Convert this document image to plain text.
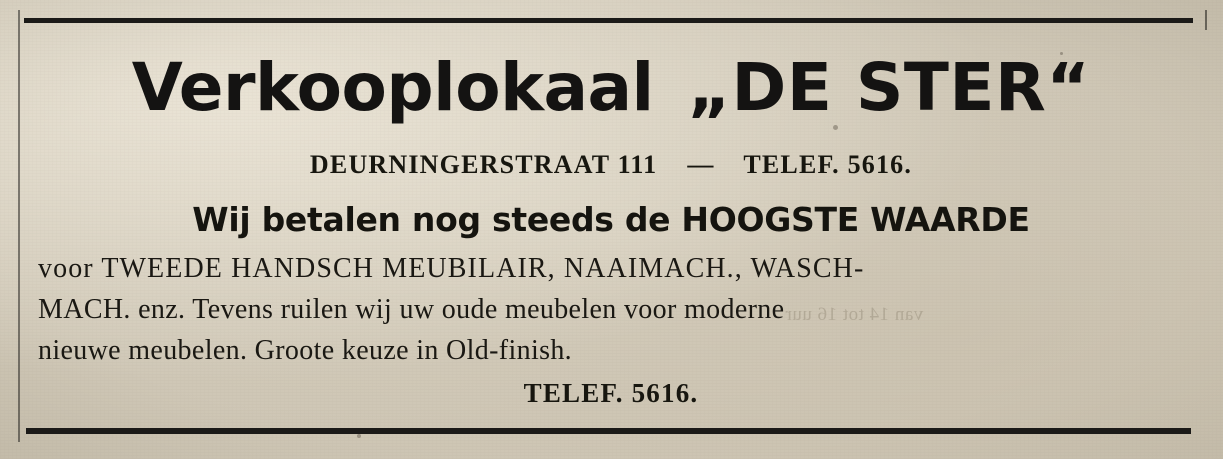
van 14 tot 16 uur
Verkooplokaal „DE STER“
DEURNINGERSTRAAT 111 — TELEF. 5616.
Wij betalen nog steeds de HOOGSTE WAARDE
voor TWEEDE HANDSCH MEUBILAIR, NAAIMACH., WASCH-
MACH. enz. Tevens ruilen wij uw oude meubelen voor moderne
nieuwe meubelen. Groote keuze in Old-finish.
TELEF. 5616.
